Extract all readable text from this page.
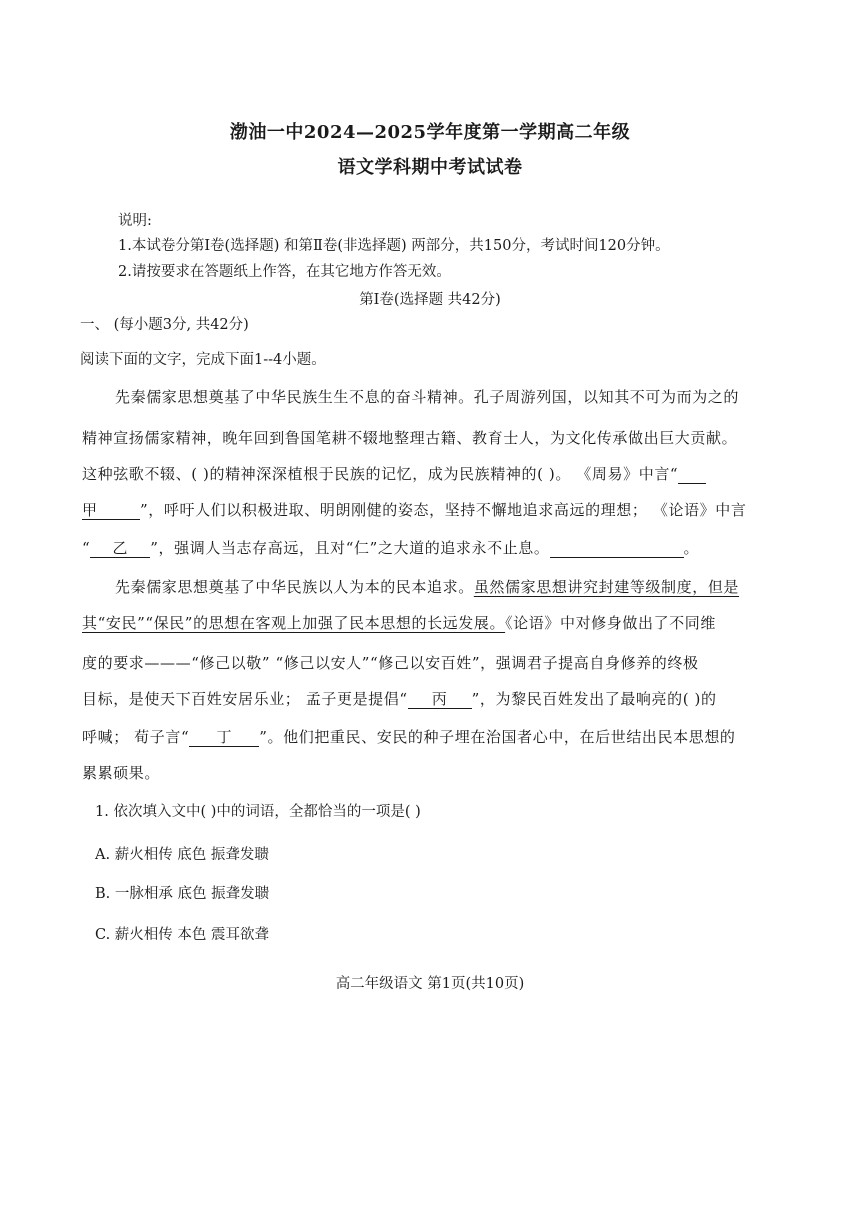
渤油一中2024—2025学年度第一学期高二年级
语文学科期中考试试卷
说明:
1.本试卷分第Ⅰ卷(选择题) 和第Ⅱ卷(非选择题) 两部分，共150分，考试时间120分钟。
2.请按要求在答题纸上作答，在其它地方作答无效。
第Ⅰ卷(选择题 共42分)
一、 (每小题3分, 共42分)
阅读下面的文字，完成下面1--4小题。
先秦儒家思想奠基了中华民族生生不息的奋斗精神。孔子周游列国，以知其不可为而为之的
精神宣扬儒家精神，晚年回到鲁国笔耕不辍地整理古籍、教育士人，为文化传承做出巨大贡献。
这种弦歌不辍、( )的精神深深植根于民族的记忆，成为民族精神的( )。 《周易》中言“
甲	”，呼吁人们以积极进取、明朗刚健的姿态，坚持不懈地追求高远的理想； 《论语》中言
“ 乙 ”，强调人当志存高远，且对“仁”之大道的追求永不止息。	。
先秦儒家思想奠基了中华民族以人为本的民本追求。虽然儒家思想讲究封建等级制度，但是
其“安民”“保民”的思想在客观上加强了民本思想的长远发展。《论语》中对修身做出了不同维
度的要求———“修己以敬” “修己以安人”“修己以安百姓”，强调君子提高自身修养的终极
目标，是使天下百姓安居乐业； 孟子更是提倡“ 丙 ”，为黎民百姓发出了最响亮的( )的
呼喊； 荀子言“ 丁 ”。他们把重民、安民的种子埋在治国者心中，在后世结出民本思想的
累累硕果。
1. 依次填入文中( )中的词语，全都恰当的一项是( )
A. 薪火相传 底色 振聋发聩
B. 一脉相承 底色 振聋发聩
C. 薪火相传 本色 震耳欲聋
高二年级语文 第1页(共10页)
